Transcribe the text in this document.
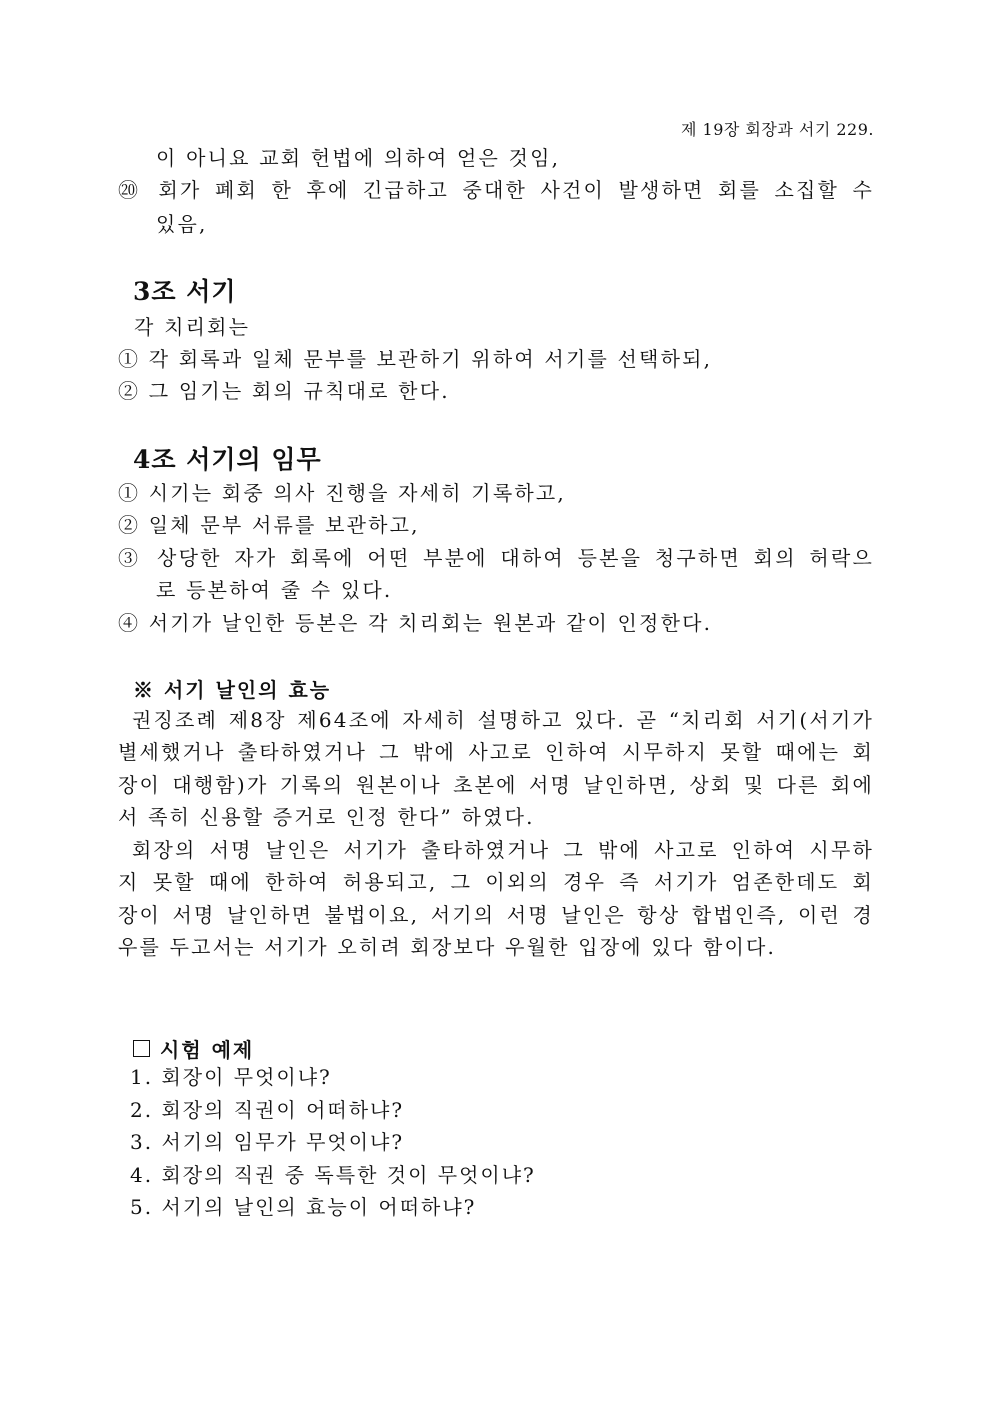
제 19장 회장과 서기 229.
이 아니요 교회 헌법에 의하여 얻은 것임,
⑳ 회가 폐회 한 후에 긴급하고 중대한 사건이 발생하면 회를 소집할 수
있음,
3조 서기
각 치리회는
① 각 회록과 일체 문부를 보관하기 위하여 서기를 선택하되,
② 그 임기는 회의 규칙대로 한다.
4조 서기의 임무
① 시기는 회중 의사 진행을 자세히 기록하고,
② 일체 문부 서류를 보관하고,
③ 상당한 자가 회록에 어떤 부분에 대하여 등본을 청구하면 회의 허락으
로 등본하여 줄 수 있다.
④ 서기가 날인한 등본은 각 치리회는 원본과 같이 인정한다.
※ 서기 날인의 효능
권징조례 제8장 제64조에 자세히 설명하고 있다. 곧 “치리회 서기(서기가
별세했거나 출타하였거나 그 밖에 사고로 인하여 시무하지 못할 때에는 회
장이 대행함)가 기록의 원본이나 초본에 서명 날인하면, 상회 및 다른 회에
서 족히 신용할 증거로 인정 한다” 하였다.
회장의 서명 날인은 서기가 출타하였거나 그 밖에 사고로 인하여 시무하
지 못할 때에 한하여 허용되고, 그 이외의 경우 즉 서기가 엄존한데도 회
장이 서명 날인하면 불법이요, 서기의 서명 날인은 항상 합법인즉, 이런 경
우를 두고서는 서기가 오히려 회장보다 우월한 입장에 있다 함이다.
시험 예제
1. 회장이 무엇이냐?
2. 회장의 직권이 어떠하냐?
3. 서기의 임무가 무엇이냐?
4. 회장의 직권 중 독특한 것이 무엇이냐?
5. 서기의 날인의 효능이 어떠하냐?
